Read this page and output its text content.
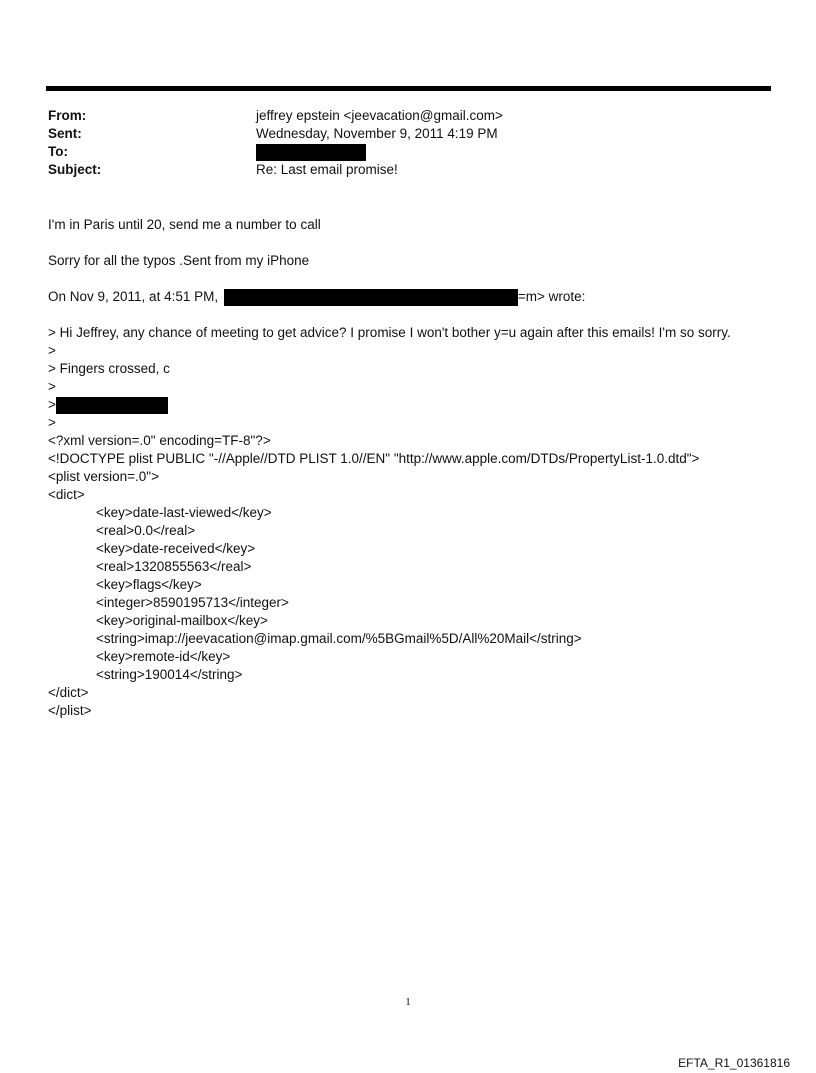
From:	jeffrey epstein <jeevacation@gmail.com>
Sent:	Wednesday, November 9, 2011 4:19 PM
To:
Subject:	Re: Last email promise!
I'm in Paris until 20, send me a number to call
Sorry for all the typos .Sent from my iPhone
On Nov 9, 2011, at 4:51 PM,	=m> wrote:
> Hi Jeffrey, any chance of meeting to get advice? I promise I won't bother y=u again after this emails! I'm so sorry.
>
> Fingers crossed, c
>
>
>
<?xml version=.0" encoding=TF-8"?>
<!DOCTYPE plist PUBLIC "-//Apple//DTD PLIST 1.0//EN" "http://www.apple.com/DTDs/PropertyList-1.0.dtd">
<plist version=.0">
<dict>
<key>date-last-viewed</key>
<real>0.0</real>
<key>date-received</key>
<real>1320855563</real>
<key>flags</key>
<integer>8590195713</integer>
<key>original-mailbox</key>
<string>imap://jeevacation@imap.gmail.com/%5BGmail%5D/All%20Mail</string>
<key>remote-id</key>
<string>190014</string>
</dict>
</plist>
1
EFTA_R1_01361816
